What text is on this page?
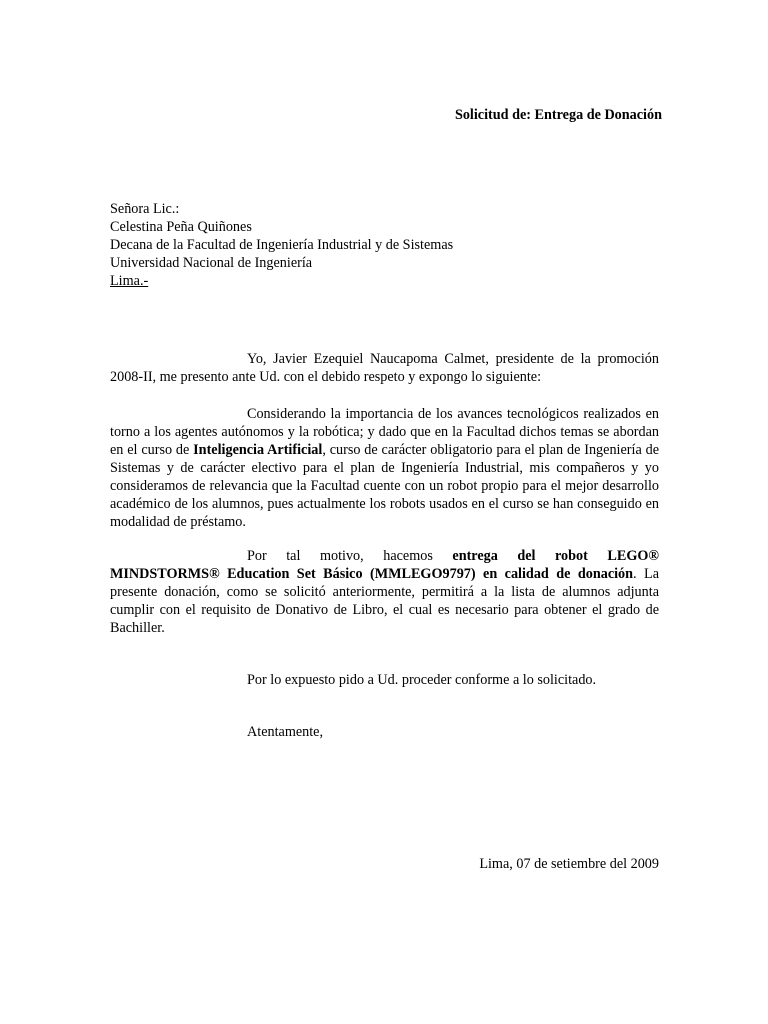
Solicitud de: Entrega de Donación
Señora Lic.:
Celestina Peña Quiñones
Decana de la Facultad de Ingeniería Industrial y de Sistemas
Universidad Nacional de Ingeniería
Lima.-

Yo, Javier Ezequiel Naucapoma Calmet, presidente de la promoción 2008-II, me presento ante Ud. con el debido respeto y expongo lo siguiente:

Considerando la importancia de los avances tecnológicos realizados en torno a los agentes autónomos y la robótica; y dado que en la Facultad dichos temas se abordan en el curso de Inteligencia Artificial, curso de carácter obligatorio para el plan de Ingeniería de Sistemas y de carácter electivo para el plan de Ingeniería Industrial, mis compañeros y yo consideramos de relevancia que la Facultad cuente con un robot propio para el mejor desarrollo académico de los alumnos, pues actualmente los robots usados en el curso se han conseguido en modalidad de préstamo.

Por tal motivo, hacemos entrega del robot LEGO® MINDSTORMS® Education Set Básico (MMLEGO9797) en calidad de donación. La presente donación, como se solicitó anteriormente, permitirá a la lista de alumnos adjunta cumplir con el requisito de Donativo de Libro, el cual es necesario para obtener el grado de Bachiller.

Por lo expuesto pido a Ud. proceder conforme a lo solicitado.
Atentamente,
Lima, 07 de setiembre del 2009
